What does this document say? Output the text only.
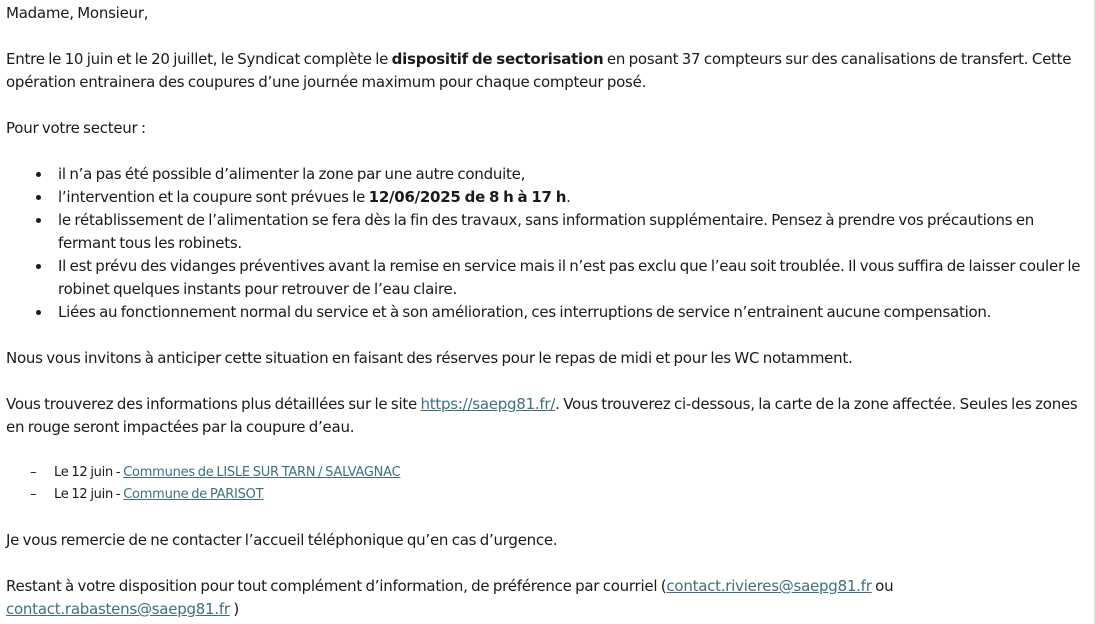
Madame, Monsieur,

Entre le 10 juin et le 20 juillet, le Syndicat complète le dispositif de sectorisation en posant 37 compteurs sur des canalisations de transfert. Cette opération entrainera des coupures d’une journée maximum pour chaque compteur posé.

Pour votre secteur :

il n’a pas été possible d’alimenter la zone par une autre conduite,
l’intervention et la coupure sont prévues le 12/06/2025 de 8 h à 17 h.
le rétablissement de l’alimentation se fera dès la fin des travaux, sans information supplémentaire. Pensez à prendre vos précautions en fermant tous les robinets.
Il est prévu des vidanges préventives avant la remise en service mais il n’est pas exclu que l’eau soit troublée. Il vous suffira de laisser couler le robinet quelques instants pour retrouver de l’eau claire.
Liées au fonctionnement normal du service et à son amélioration, ces interruptions de service n’entrainent aucune compensation.

Nous vous invitons à anticiper cette situation en faisant des réserves pour le repas de midi et pour les WC notamment.

Vous trouverez des informations plus détaillées sur le site https://saepg81.fr/. Vous trouverez ci-dessous, la carte de la zone affectée. Seules les zones en rouge seront impactées par la coupure d’eau.

– Le 12 juin - Communes de LISLE SUR TARN / SALVAGNAC
– Le 12 juin - Commune de PARISOT

Je vous remercie de ne contacter l’accueil téléphonique qu’en cas d’urgence.

Restant à votre disposition pour tout complément d’information, de préférence par courriel (contact.rivieres@saepg81.fr ou contact.rabastens@saepg81.fr )
